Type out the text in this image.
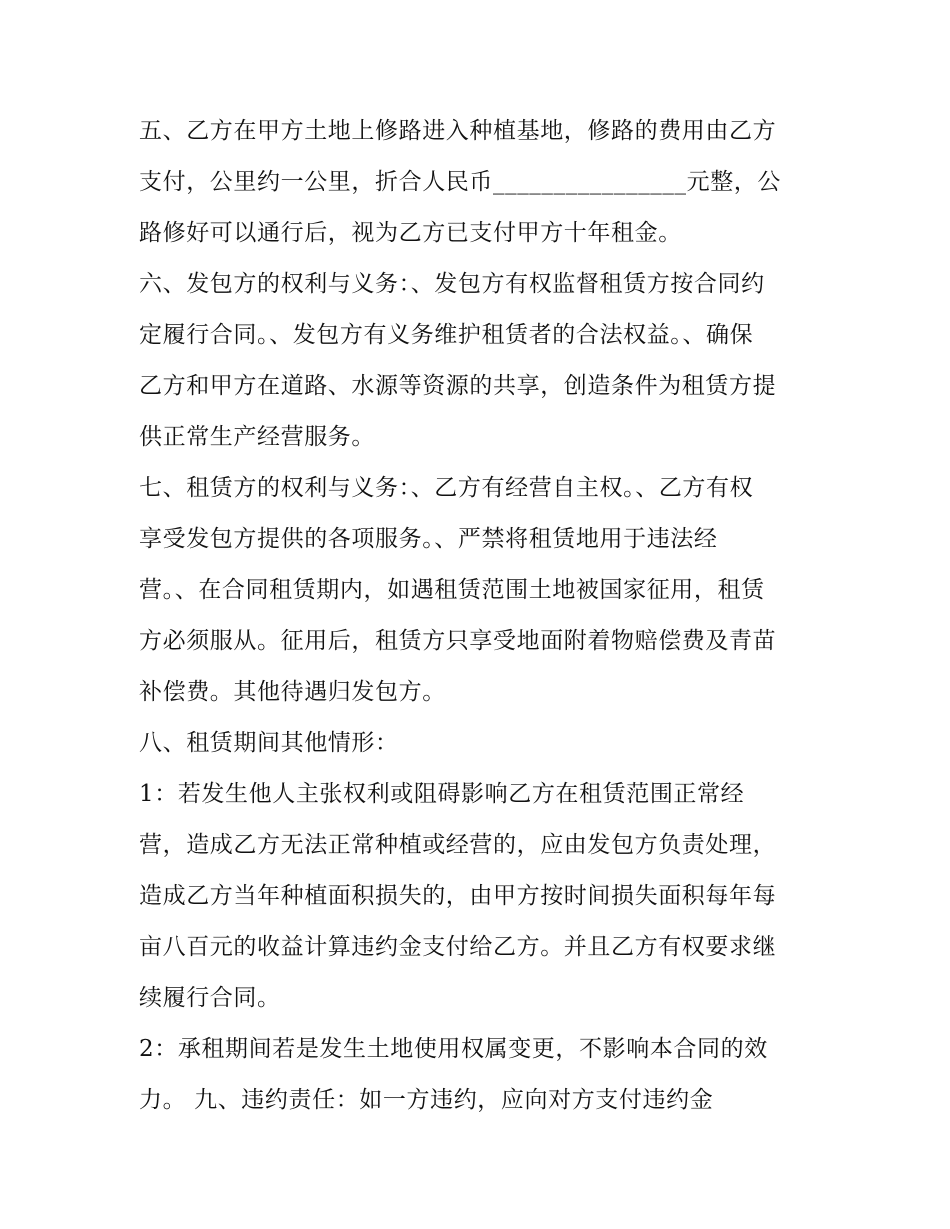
五、乙方在甲方土地上修路进入种植基地，修路的费用由乙方
支付，公里约一公里，折合人民币________________元整，公
路修好可以通行后，视为乙方已支付甲方十年租金。
六、发包方的权利与义务：、发包方有权监督租赁方按合同约
定履行合同。、发包方有义务维护租赁者的合法权益。、确保
乙方和甲方在道路、水源等资源的共享，创造条件为租赁方提
供正常生产经营服务。
七、租赁方的权利与义务：、乙方有经营自主权。、乙方有权
享受发包方提供的各项服务。、严禁将租赁地用于违法经
营。、在合同租赁期内，如遇租赁范围土地被国家征用，租赁
方必须服从。征用后，租赁方只享受地面附着物赔偿费及青苗
补偿费。其他待遇归发包方。
八、租赁期间其他情形：
1：若发生他人主张权利或阻碍影响乙方在租赁范围正常经
营，造成乙方无法正常种植或经营的，应由发包方负责处理，
造成乙方当年种植面积损失的，由甲方按时间损失面积每年每
亩八百元的收益计算违约金支付给乙方。并且乙方有权要求继
续履行合同。
2：承租期间若是发生土地使用权属变更，不影响本合同的效
力。 九、违约责任：如一方违约，应向对方支付违约金
